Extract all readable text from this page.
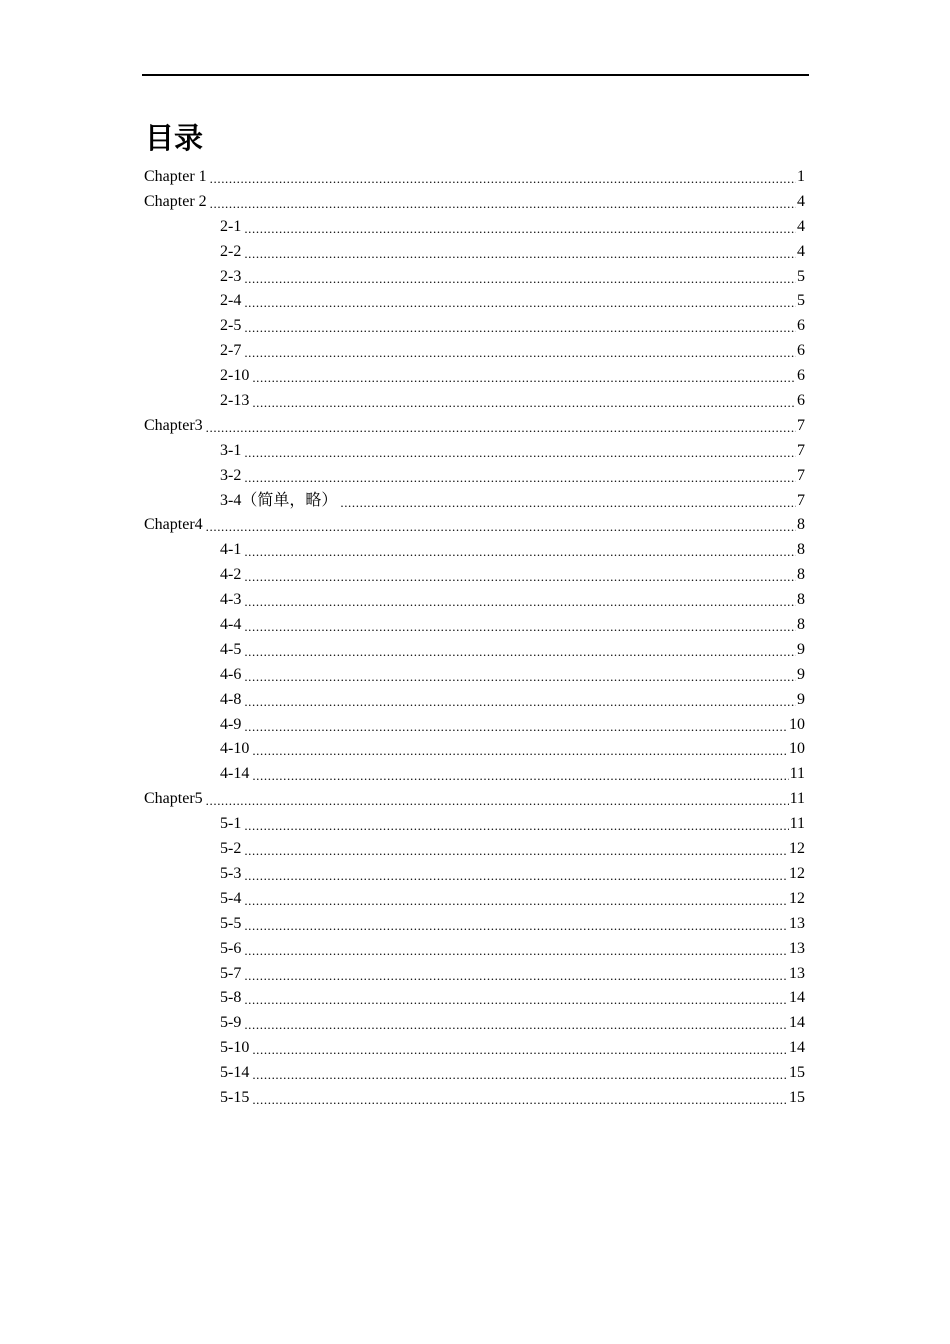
目录
Chapter 1 .....	1
Chapter 2 .....	4
2-1 .....	4
2-2 .....	4
2-3 .....	5
2-4 .....	5
2-5 .....	6
2-7 .....	6
2-10 .....	6
2-13 .....	6
Chapter3 .....	7
3-1 .....	7
3-2 .....	7
3-4（简单，略） .....	7
Chapter4 .....	8
4-1 .....	8
4-2 .....	8
4-3 .....	8
4-4 .....	8
4-5 .....	9
4-6 .....	9
4-8 .....	9
4-9 .....	10
4-10 .....	10
4-14 .....	11
Chapter5 .....	11
5-1 .....	11
5-2 .....	12
5-3 .....	12
5-4 .....	12
5-5 .....	13
5-6 .....	13
5-7 .....	13
5-8 .....	14
5-9 .....	14
5-10 .....	14
5-14 .....	15
5-15 .....	15
